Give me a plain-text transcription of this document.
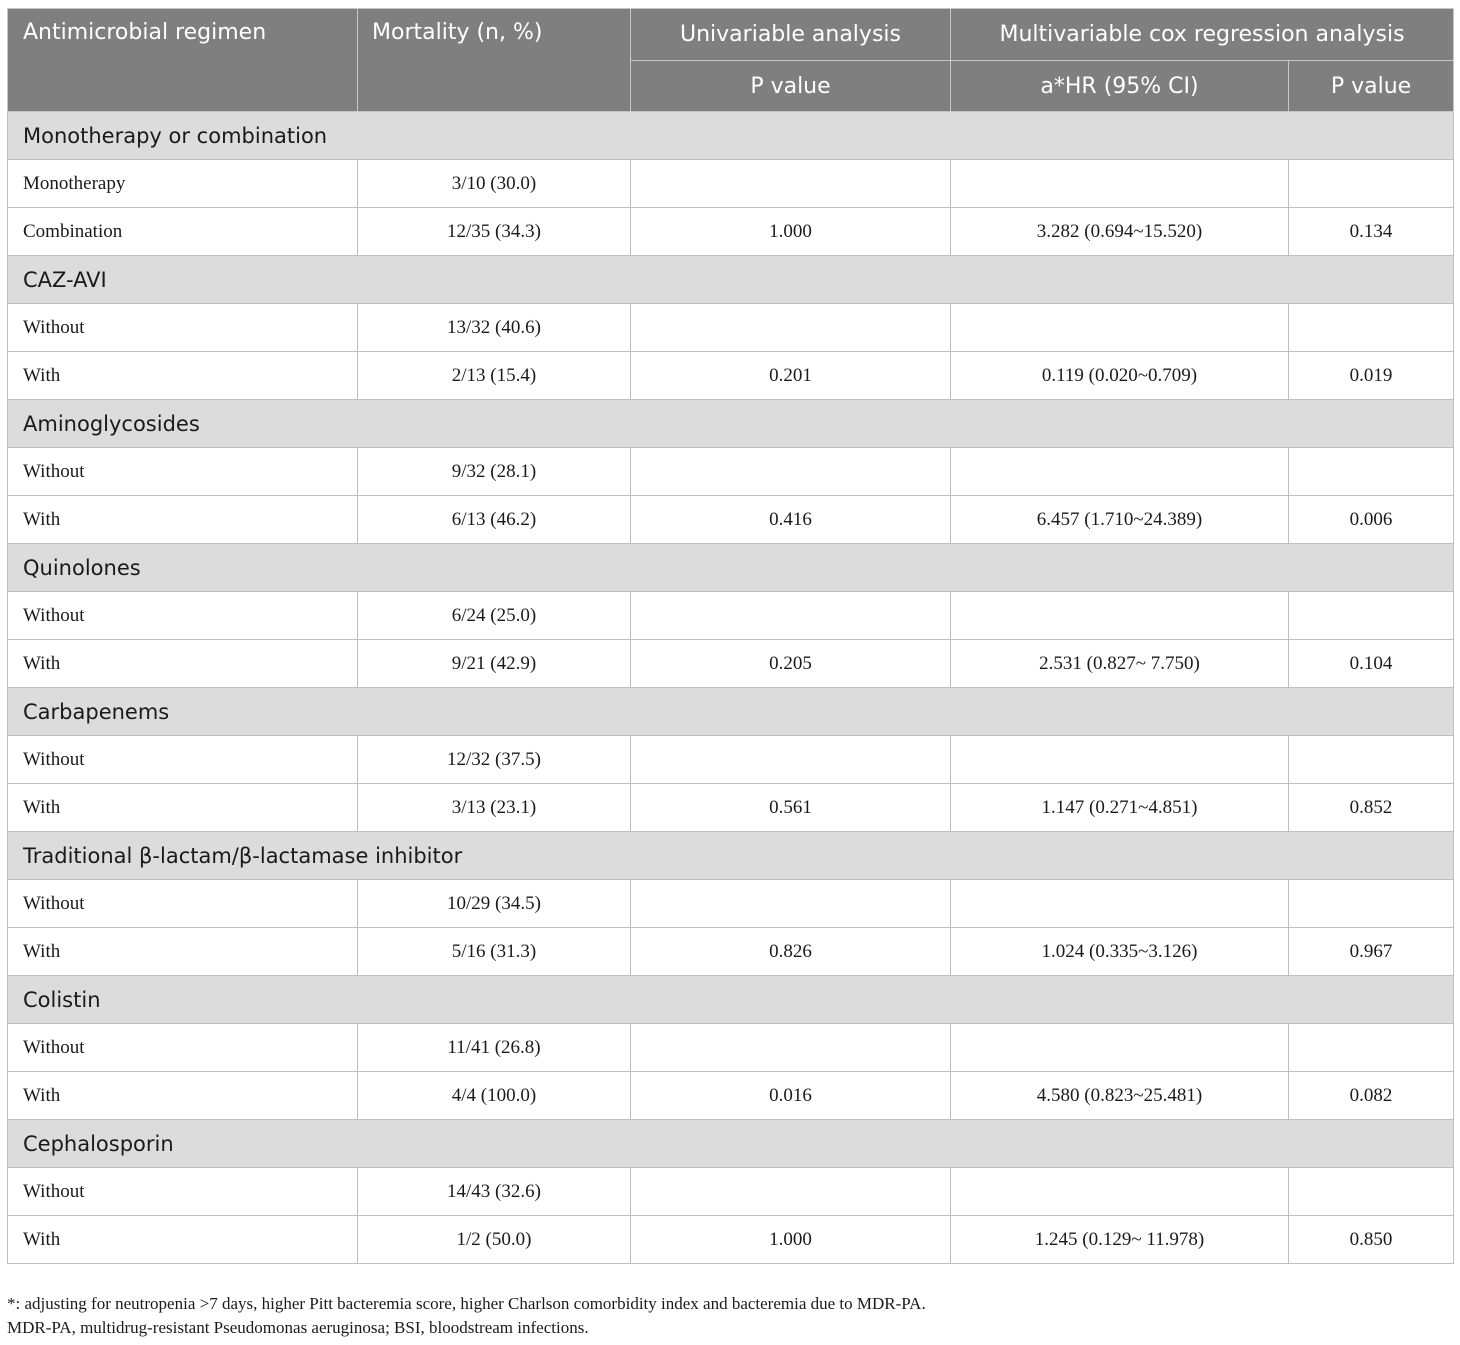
Antimicrobial regimen	Mortality (n, %)	Univariable analysis	Multivariable cox regression analysis	
		P value	a*HR (95% CI)	P value
Monotherapy or combination				
Monotherapy	3/10 (30.0)			
Combination	12/35 (34.3)	1.000	3.282 (0.694~15.520)	0.134
CAZ-AVI				
Without	13/32 (40.6)			
With	2/13 (15.4)	0.201	0.119 (0.020~0.709)	0.019
Aminoglycosides				
Without	9/32 (28.1)			
With	6/13 (46.2)	0.416	6.457 (1.710~24.389)	0.006
Quinolones				
Without	6/24 (25.0)			
With	9/21 (42.9)	0.205	2.531 (0.827~ 7.750)	0.104
Carbapenems				
Without	12/32 (37.5)			
With	3/13 (23.1)	0.561	1.147 (0.271~4.851)	0.852
Traditional β-lactam/β-lactamase inhibitor				
Without	10/29 (34.5)			
With	5/16 (31.3)	0.826	1.024 (0.335~3.126)	0.967
Colistin				
Without	11/41 (26.8)			
With	4/4 (100.0)	0.016	4.580 (0.823~25.481)	0.082
Cephalosporin				
Without	14/43 (32.6)			
With	1/2 (50.0)	1.000	1.245 (0.129~ 11.978)	0.850
*: adjusting for neutropenia >7 days, higher Pitt bacteremia score, higher Charlson comorbidity index and bacteremia due to MDR-PA.
MDR-PA, multidrug-resistant Pseudomonas aeruginosa; BSI, bloodstream infections.
